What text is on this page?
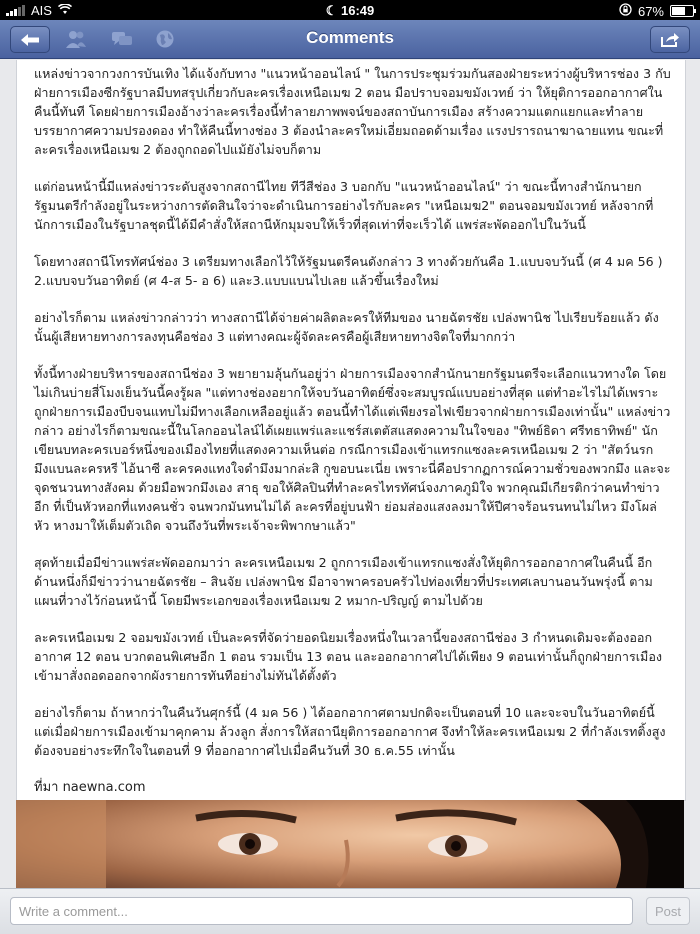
AIS	☾ 16:49	67%
Comments

แหล่งข่าวจากวงการบันเทิง ได้แจ้งกับทาง "แนวหน้าออนไลน์ " ในการประชุมร่วมกันสองฝ่ายระหว่างผู้บริหารช่อง 3 กับฝ่ายการเมืองซีกรัฐบาลมีบทสรุปเกี่ยวกับละครเรื่องเหนือเมฆ 2 ตอน มือปราบจอมขมังเวทย์ ว่า ให้ยุติการออกอากาศในคืนนี้ทันที โดยฝ่ายการเมืองอ้างว่าละครเรื่องนี้ทำลายภาพพจน์ของสถาบันการเมือง สร้างความแตกแยกและทำลายบรรยากาศความปรองดอง ทำให้คืนนี้ทางช่อง 3 ต้องนำละครใหม่เอี่ยมถอดด้ามเรื่อง แรงปรารถนาฆาฉายแทน ขณะที่ละครเรื่องเหนือเมฆ 2 ต้องถูกถอดไปแม้ยังไม่จบก็ตาม

แต่ก่อนหน้านี้มีแหล่งข่าวระดับสูงจากสถานีไทย ทีวีสีช่อง 3 บอกกับ "แนวหน้าออนไลน์" ว่า ขณะนี้ทางสำนักนายกรัฐมนตรีกำลังอยู่ในระหว่างการตัดสินใจว่าจะดำเนินการอย่างไรกับละคร "เหนือเมฆ2" ตอนจอมขมังเวทย์ หลังจากที่นักการเมืองในรัฐบาลชุดนี้ได้มีคำสั่งให้สถานีหักมุมจบให้เร็วที่สุดเท่าที่จะเร็วได้ แพร่สะพัดออกไปในวันนี้

โดยทางสถานีโทรทัศน์ช่อง 3 เตรียมทางเลือกไว้ให้รัฐมนตรีคนดังกล่าว 3 ทางด้วยกันคือ 1.แบบจบวันนี้ (ศ 4 มค 56 ) 2.แบบจบวันอาทิตย์ (ศ 4-ส 5- อ 6) และ3.แบบแบนไปเลย แล้วขึ้นเรื่องใหม่

อย่างไรก็ตาม แหล่งข่าวกล่าวว่า ทางสถานีได้จ่ายค่าผลิตละครให้ทีมของ นายฉัตรชัย เปล่งพานิช ไปเรียบร้อยแล้ว ดังนั้นผู้เสียหายทางการลงทุนคือช่อง 3 แต่ทางคณะผู้จัดละครคือผู้เสียหายทางจิตใจที่มากกว่า

ทั้งนี้ทางฝ่ายบริหารของสถานีช่อง 3 พยายามลุ้นกันอยู่ว่า ฝ่ายการเมืองจากสำนักนายกรัฐมนตรีจะเลือกแนวทางใด โดยไม่เกินบ่ายสี่โมงเย็นวันนี้คงรู้ผล "แต่ทางช่องอยากให้จบวันอาทิตย์ซึ่งจะสมบูรณ์แบบอย่างที่สุด แต่ทำอะไรไม่ได้เพราะถูกฝ่ายการเมืองบีบจนแทบไม่มีทางเลือกเหลืออยู่แล้ว ตอนนี้ทำได้แต่เพียงรอไฟเขียวจากฝ่ายการเมืองเท่านั้น" แหล่งข่าวกล่าว อย่างไรก็ตามขณะนี้ในโลกออนไลน์ได้เผยแพร่และแชร์สเตตัสแสดงความในใจของ "ทิพย์ธิดา ศรีทธาทิพย์" นักเขียนบทละครเบอร์หนึ่งของเมืองไทยที่แสดงความเห็นต่อ กรณีการเมืองเข้าแทรกแซงละครเหนือเมฆ 2 ว่า "สัตว์นรก มึงแบนละครหรี ไอ้นาซี ละครคงแทงใจดำมึงมากล่ะสิ กูขอบนะเนี่ย เพราะนี่คือปรากฏการณ์ความชั่วของพวกมึง และจะจุดชนวนทางสังคม ด้วยมือพวกมึงเอง สาธุ ขอให้ศิลปินที่ทำละครไทรทัศน์จงภาคภูมิใจ พวกคุณมีเกียรติกว่าคนทำข่าวอีก ที่เป็นหัวหอกที่แทงคนชั่ว จนพวกมันทนไม่ได้ ละครที่อยู่บนฟ้า ย่อมส่องแสงลงมาให้ปีศาจร้อนรนทนไม่ไหว มึงโผล่หัว หางมาให้เต็มตัวเถิด จวนถึงวันที่พระเจ้าจะพิพากษาแล้ว"

สุดท้ายเมื่อมีข่าวแพร่สะพัดออกมาว่า ละครเหนือเมฆ 2 ถูกการเมืองเข้าแทรกแซงสั่งให้ยุติการออกอากาศในคืนนี้ อีกด้านหนึ่งก็มีข่าวว่านายฉัตรชัย – สินจัย เปล่งพานิช มีอาจาพาครอบครัวไปท่องเที่ยวที่ประเทศเลบานอนวันพรุ่งนี้ ตามแผนที่วางไว้ก่อนหน้านี้ โดยมีพระเอกของเรื่องเหนือเมฆ 2 หมาก-ปริญญ์ ตามไปด้วย

ละครเหนือเมฆ 2 จอมขมังเวทย์ เป็นละครที่จัดว่ายอดนิยมเรื่องหนึ่งในเวลานี้ของสถานีช่อง 3 กำหนดเดิมจะต้องออกอากาศ 12 ตอน บวกตอนพิเศษอีก 1 ตอน รวมเป็น 13 ตอน และออกอากาศไปได้เพียง 9 ตอนเท่านั้นก็ถูกฝ่ายการเมืองเข้ามาสั่งถอดออกจากผังรายการทันทีอย่างไม่ทันได้ตั้งตัว

อย่างไรก็ตาม ถ้าหากว่าในคืนวันศุกร์นี้ (4 มค 56 ) ได้ออกอากาศตามปกติจะเป็นตอนที่ 10 และจะจบในวันอาทิตย์นี้ แต่เมื่อฝ่ายการเมืองเข้ามาคุกคาม ล้วงลูก สั่งการให้สถานียุติการออกอากาศ จึงทำให้ละครเหนือเมฆ 2 ที่กำลังเรทติ้งสูง ต้องจบอย่างระทึกใจในตอนที่ 9 ที่ออกอากาศไปเมื่อคืนวันที่ 30 ธ.ค.55 เท่านั้น

ที่มา naewna.com

Write a comment...	Post
